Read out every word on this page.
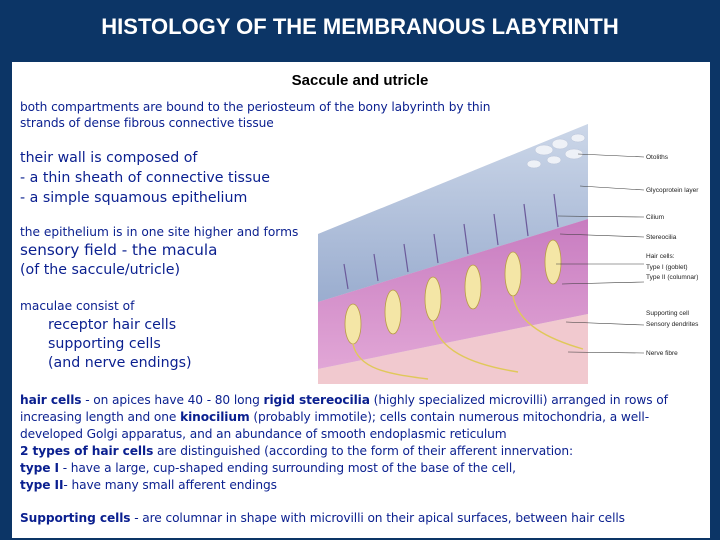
HISTOLOGY OF THE MEMBRANOUS LABYRINTH
Saccule and utricle

both compartments are bound to the periosteum of the bony labyrinth by thin

strands of dense fibrous connective tissue

their wall is composed of

- a thin sheath of connective tissue

- a simple squamous epithelium

the epithelium is in one site higher and forms

sensory field - the macula

(of the saccule/utricle)

maculae consist of

receptor hair cells

supporting cells

(and nerve endings)

Otoliths
Glycoprotein layer
Cilium
Stereocilia
Hair cells:
Type I (goblet)
Type II (columnar)
Supporting cell
Sensory dendrites
Nerve fibre

hair cells - on apices have 40 - 80 long rigid stereocilia (highly specialized microvilli) arranged in rows of

increasing length and one kinocilium (probably immotile); cells contain numerous mitochondria, a well-

developed Golgi apparatus, and an abundance of smooth endoplasmic reticulum

2 types of hair cells are distinguished (according to the form of their afferent innervation:

type I - have a large, cup-shaped ending surrounding most of the base of the cell,

type II- have many small afferent endings

Supporting cells - are columnar in shape with microvilli on their apical surfaces, between hair cells
